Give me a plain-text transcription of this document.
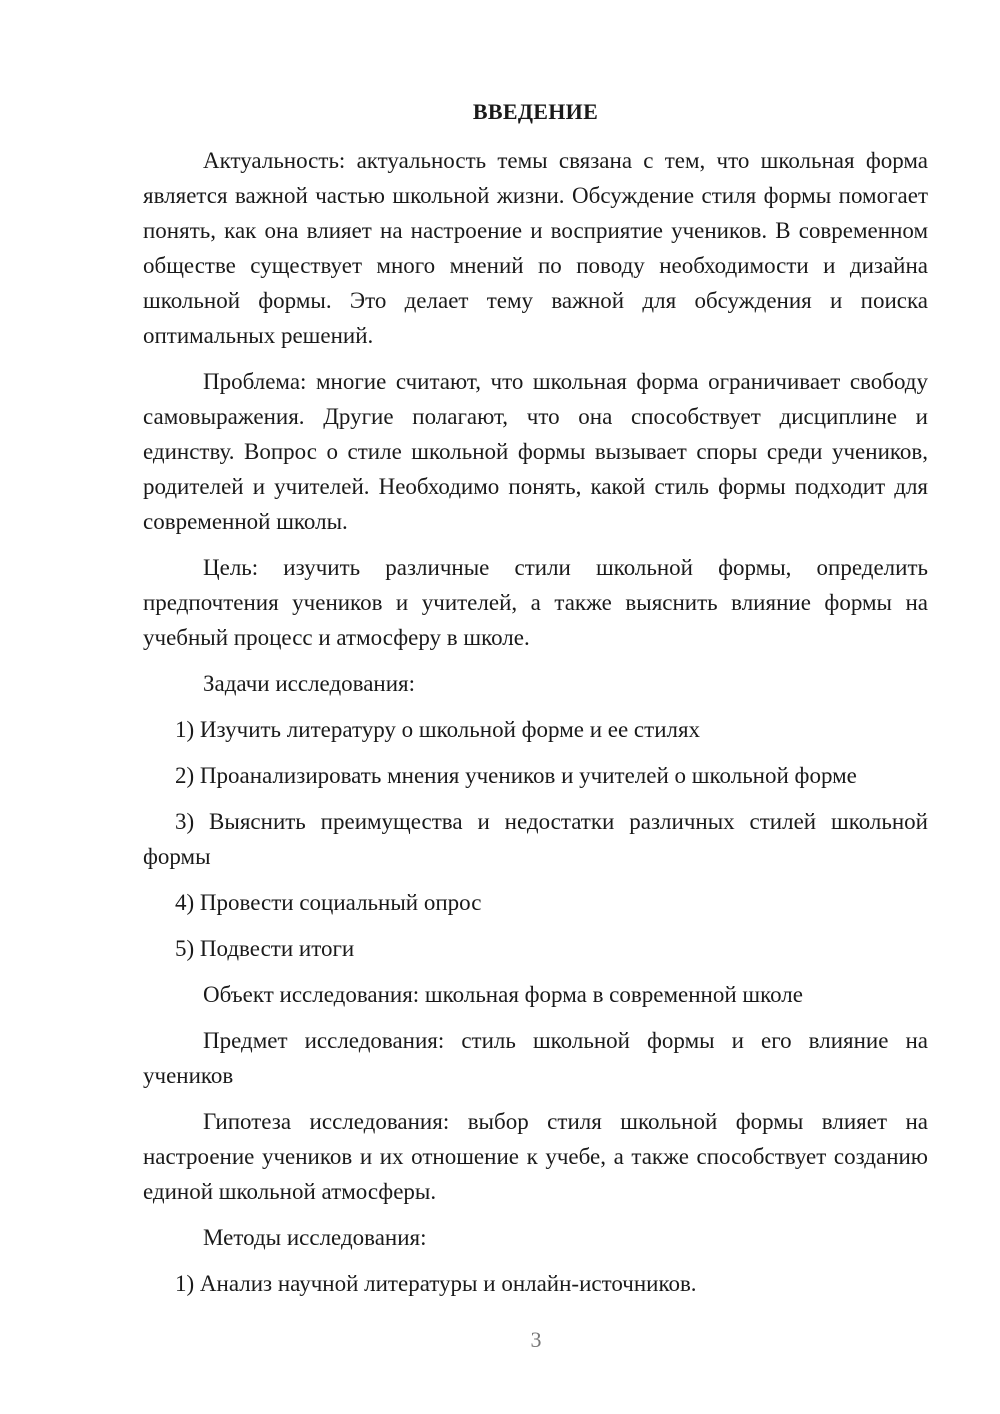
ВВЕДЕНИЕ

Актуальность: актуальность темы связана с тем, что школьная форма является важной частью школьной жизни. Обсуждение стиля формы помогает понять, как она влияет на настроение и восприятие учеников. В современном обществе существует много мнений по поводу необходимости и дизайна школьной формы. Это делает тему важной для обсуждения и поиска оптимальных решений.

Проблема: многие считают, что школьная форма ограничивает свободу самовыражения. Другие полагают, что она способствует дисциплине и единству. Вопрос о стиле школьной формы вызывает споры среди учеников, родителей и учителей. Необходимо понять, какой стиль формы подходит для современной школы.

Цель: изучить различные стили школьной формы, определить предпочтения учеников и учителей, а также выяснить влияние формы на учебный процесс и атмосферу в школе.

Задачи исследования:

1) Изучить литературу о школьной форме и ее стилях

2) Проанализировать мнения учеников и учителей о школьной форме

3) Выяснить преимущества и недостатки различных стилей школьной формы

4) Провести социальный опрос

5) Подвести итоги

Объект исследования: школьная форма в современной школе

Предмет исследования: стиль школьной формы и его влияние на учеников

Гипотеза исследования: выбор стиля школьной формы влияет на настроение учеников и их отношение к учебе, а также способствует созданию единой школьной атмосферы.

Методы исследования:

1) Анализ научной литературы и онлайн-источников.

3
